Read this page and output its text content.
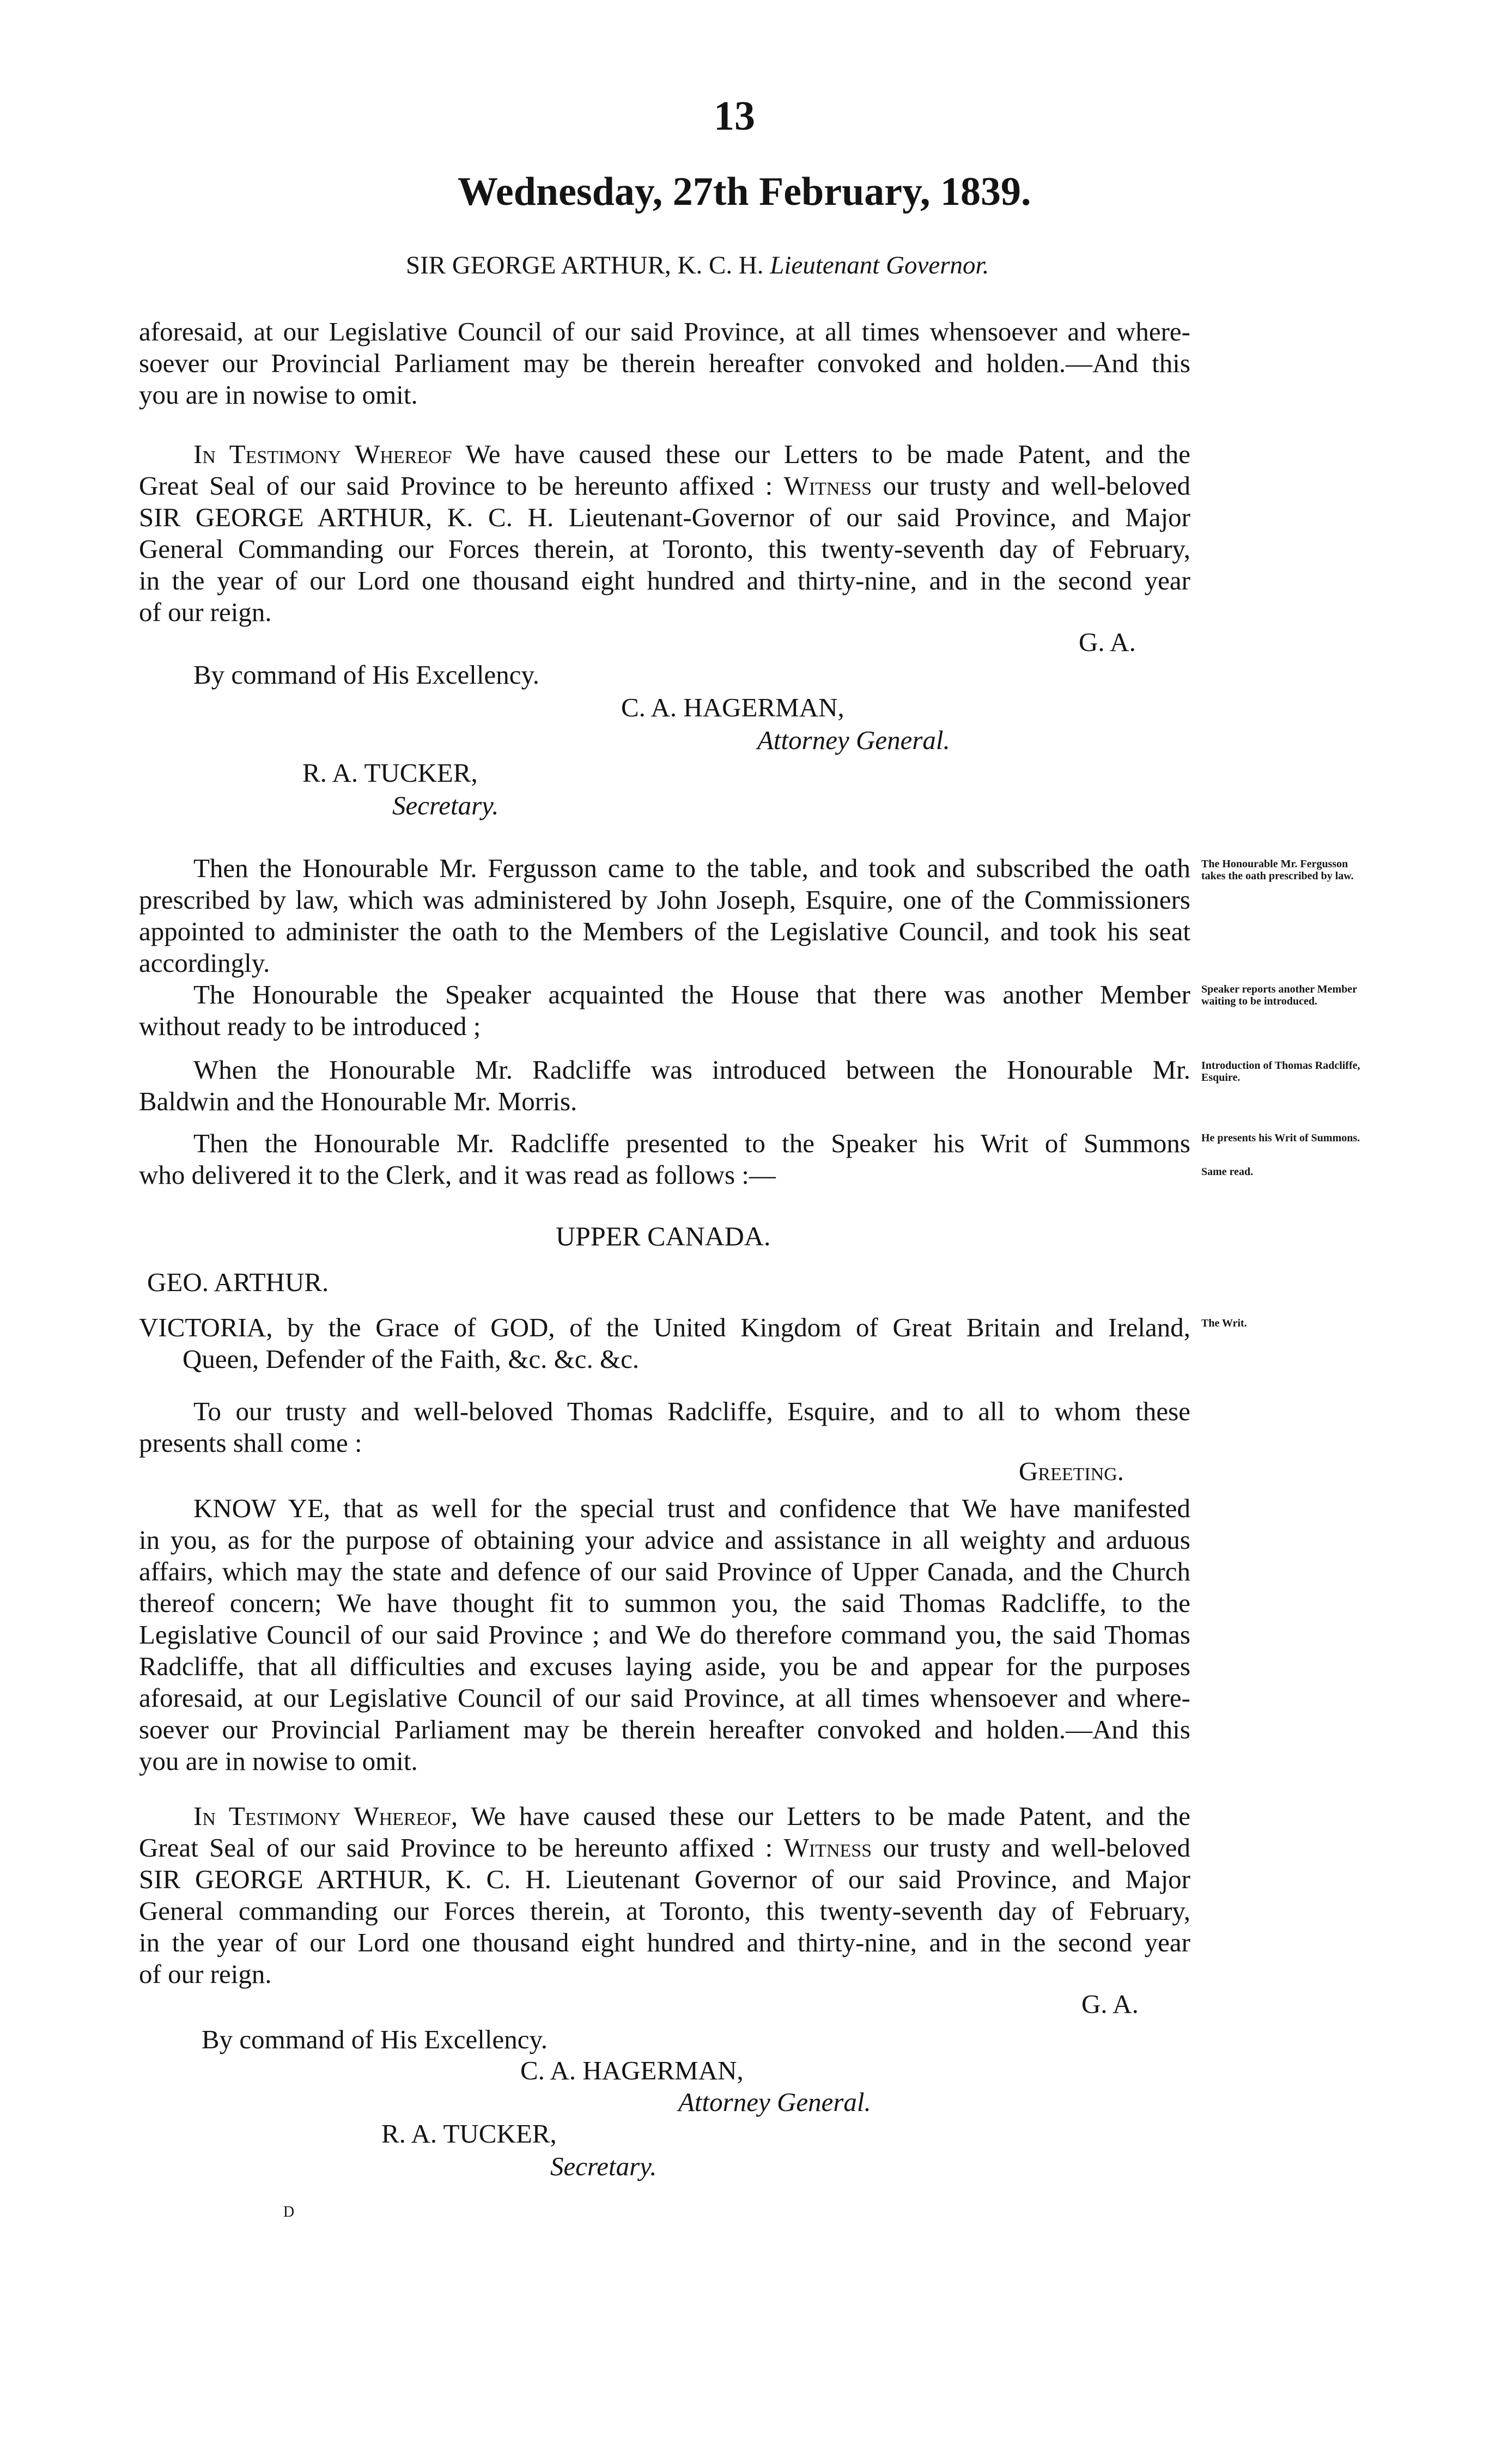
13
Wednesday, 27th February, 1839.
SIR GEORGE ARTHUR, K. C. H. Lieutenant Governor.
aforesaid, at our Legislative Council of our said Province, at all times whensoever and where-
soever our Provincial Parliament may be therein hereafter convoked and holden.—And this
you are in nowise to omit.
In Testimony Whereof We have caused these our Letters to be made Patent, and the
Great Seal of our said Province to be hereunto affixed : Witness our trusty and well-beloved
SIR GEORGE ARTHUR, K. C. H. Lieutenant-Governor of our said Province, and Major
General Commanding our Forces therein, at Toronto, this twenty-seventh day of February,
in the year of our Lord one thousand eight hundred and thirty-nine, and in the second year
of our reign.
G. A.
By command of His Excellency.
C. A. HAGERMAN,
Attorney General.
R. A. TUCKER,
Secretary.
Then the Honourable Mr. Fergusson came to the table, and took and subscribed the oath
prescribed by law, which was administered by John Joseph, Esquire, one of the Commissioners
appointed to administer the oath to the Members of the Legislative Council, and took his seat
accordingly.
The Honourable the Speaker acquainted the House that there was another Member
without ready to be introduced ;
When the Honourable Mr. Radcliffe was introduced between the Honourable Mr.
Baldwin and the Honourable Mr. Morris.
Then the Honourable Mr. Radcliffe presented to the Speaker his Writ of Summons
who delivered it to the Clerk, and it was read as follows :—
The Honourable Mr. Fergusson takes the oath prescribed by law.
Speaker reports another Member waiting to be introduced.
Introduction of Thomas Radcliffe, Esquire.
He presents his Writ of Summons.
Same read.
The Writ.
UPPER CANADA.
GEO. ARTHUR.
VICTORIA, by the Grace of GOD, of the United Kingdom of Great Britain and Ireland,
Queen, Defender of the Faith, &c. &c. &c.
To our trusty and well-beloved Thomas Radcliffe, Esquire, and to all to whom these
presents shall come :
Greeting.
KNOW YE, that as well for the special trust and confidence that We have manifested
in you, as for the purpose of obtaining your advice and assistance in all weighty and arduous
affairs, which may the state and defence of our said Province of Upper Canada, and the Church
thereof concern; We have thought fit to summon you, the said Thomas Radcliffe, to the
Legislative Council of our said Province ; and We do therefore command you, the said Thomas
Radcliffe, that all difficulties and excuses laying aside, you be and appear for the purposes
aforesaid, at our Legislative Council of our said Province, at all times whensoever and where-
soever our Provincial Parliament may be therein hereafter convoked and holden.—And this
you are in nowise to omit.
In Testimony Whereof, We have caused these our Letters to be made Patent, and the
Great Seal of our said Province to be hereunto affixed : Witness our trusty and well-beloved
SIR GEORGE ARTHUR, K. C. H. Lieutenant Governor of our said Province, and Major
General commanding our Forces therein, at Toronto, this twenty-seventh day of February,
in the year of our Lord one thousand eight hundred and thirty-nine, and in the second year
of our reign.
G. A.
By command of His Excellency.
C. A. HAGERMAN,
Attorney General.
R. A. TUCKER,
Secretary.
D
